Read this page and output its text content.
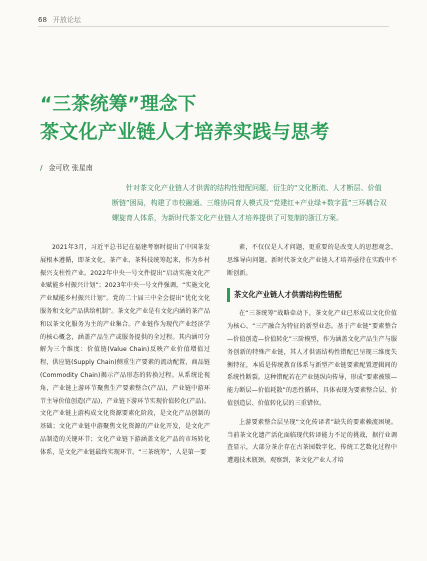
68 开放论坛
“三茶统筹”理念下
茶文化产业链人才培养实践与思考
/ 金可欣 张星南

针对茶文化产业链人才供需的结构性错配问题，衍生的“文化断流、人才断层、价值断链”困局，构建了市校融通、三维协同育人模式及“党建红+产业绿+数字蓝”三环耦合双螺旋育人体系，为新时代茶文化产业链人才培养提供了可复制的浙江方案。

2021年3月，习近平总书记在福建考察时提出了中国茶发展根本遵循，即茶文化、茶产业、茶科技统筹起来，作为乡村振兴支柱性产业。2022年中央一号文件提出“启动实施文化产业赋能乡村振兴计划”；2023年中央一号文件强调，“实施文化产业赋能乡村振兴计划”。党的二十届三中全会提出“优化文化服务和文化产品供给机制”。茶文化产业是有文化内涵的茶产品和以茶文化服务为主的产业集合。产业链作为现代产业经济学的核心概念，涵盖产品生产或服务提供的全过程。其内涵可分解为三个维度：价值链(Value Chain)反映产业价值增值过程，供应链(Supply Chain)侧重生产要素的流动配置，商品链(Commodity Chain)揭示产品形态的转换过程。从系统论视角，产业链上游环节聚焦生产要素整合(产品)，产业链中游环节主导价值创造(产品)，产业链下游环节实现价值转化(产品)。文化产业链上游构成文化资源要素化阶段，是文化产品创制的基础；文化产业链中游聚焦文化资源的产业化开发，是文化产品制造的关键环节；文化产业链下游涵盖文化产品的市场转化体系，是文化产业链最终实现环节。“三茶统筹”，人是第一要

素，不仅仅是人才问题，更重要的是改变人的思想观念、思维导向问题。新时代茶文化产业链人才培养亟待在实践中不断创新。

茶文化产业链人才供需结构性错配

在“三茶统筹”战略牵动下，茶文化产业已形成以文化价值为核心、“三产融合为特征的新型业态。基于产业链“要素整合—价值创造—价值转化”三阶模型，作为涵盖文化产品生产与服务创新的特殊产业链，其人才供需结构性错配已呈现三维度失衡特征，本质是传统教育体系与新型产业链要素配置逻辑间的系统性断裂。这种错配若在产业链纵向传导，形成“要素被锁—能力断层—价值耗散”的恶性循环，具体表现为要素整合层、价值创造层、价值转化层的三重错位。

上游要素整合层呈现“文化传译者”缺失的要素赖流困境。当前茶文化遗产活化面临现代转译能力不足的挑战，据行业调查显示，大部分茶企存在古茶园数字化、传统工艺数化过程中遭遇技术瓶颈。观察到，茶文化产业人才培
